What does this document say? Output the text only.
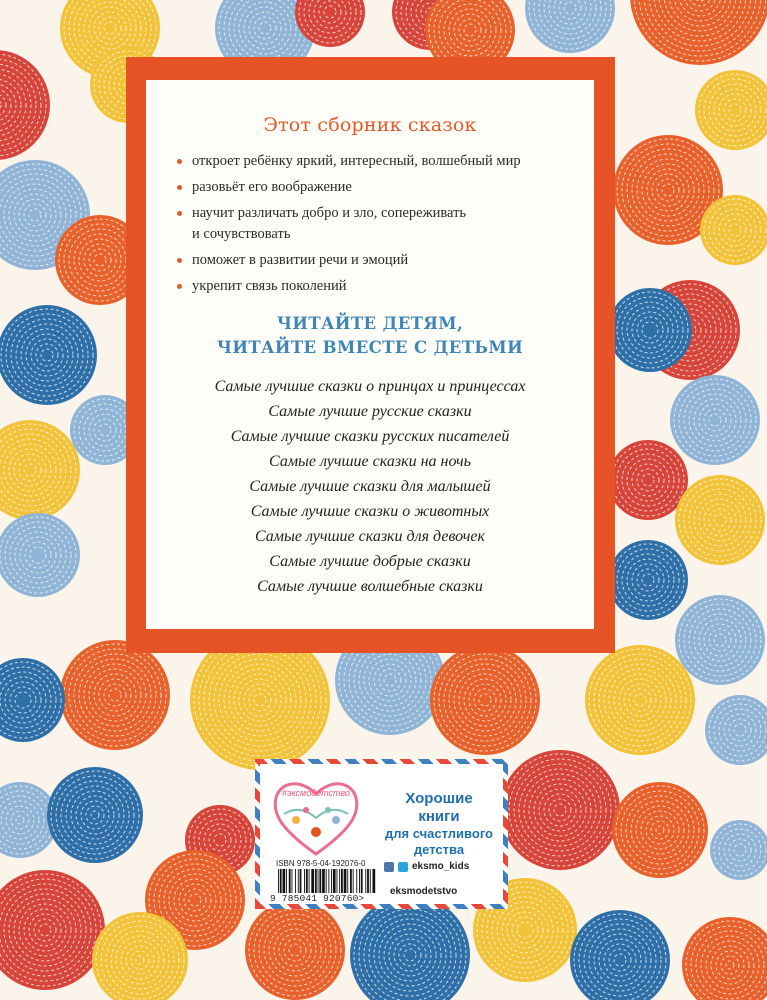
Этот сборник сказок
откроет ребёнку яркий, интересный, волшебный мир
разовьёт его воображение
научит различать добро и зло, сопереживать
и сочувствовать
поможет в развитии речи и эмоций
укрепит связь поколений
ЧИТАЙТЕ ДЕТЯМ,
ЧИТАЙТЕ ВМЕСТЕ С ДЕТЬМИ
Самые лучшие сказки о принцах и принцессах
Самые лучшие русские сказки
Самые лучшие сказки русских писателей
Самые лучшие сказки на ночь
Самые лучшие сказки для малышей
Самые лучшие сказки о животных
Самые лучшие сказки для девочек
Самые лучшие добрые сказки
Самые лучшие волшебные сказки
#эксмодетство	Хорошие
книги
для счастливого
детства
ISBN 978-5-04-192076-0
9 785041 920760>
eksmo_kids
eksmodetstvo
